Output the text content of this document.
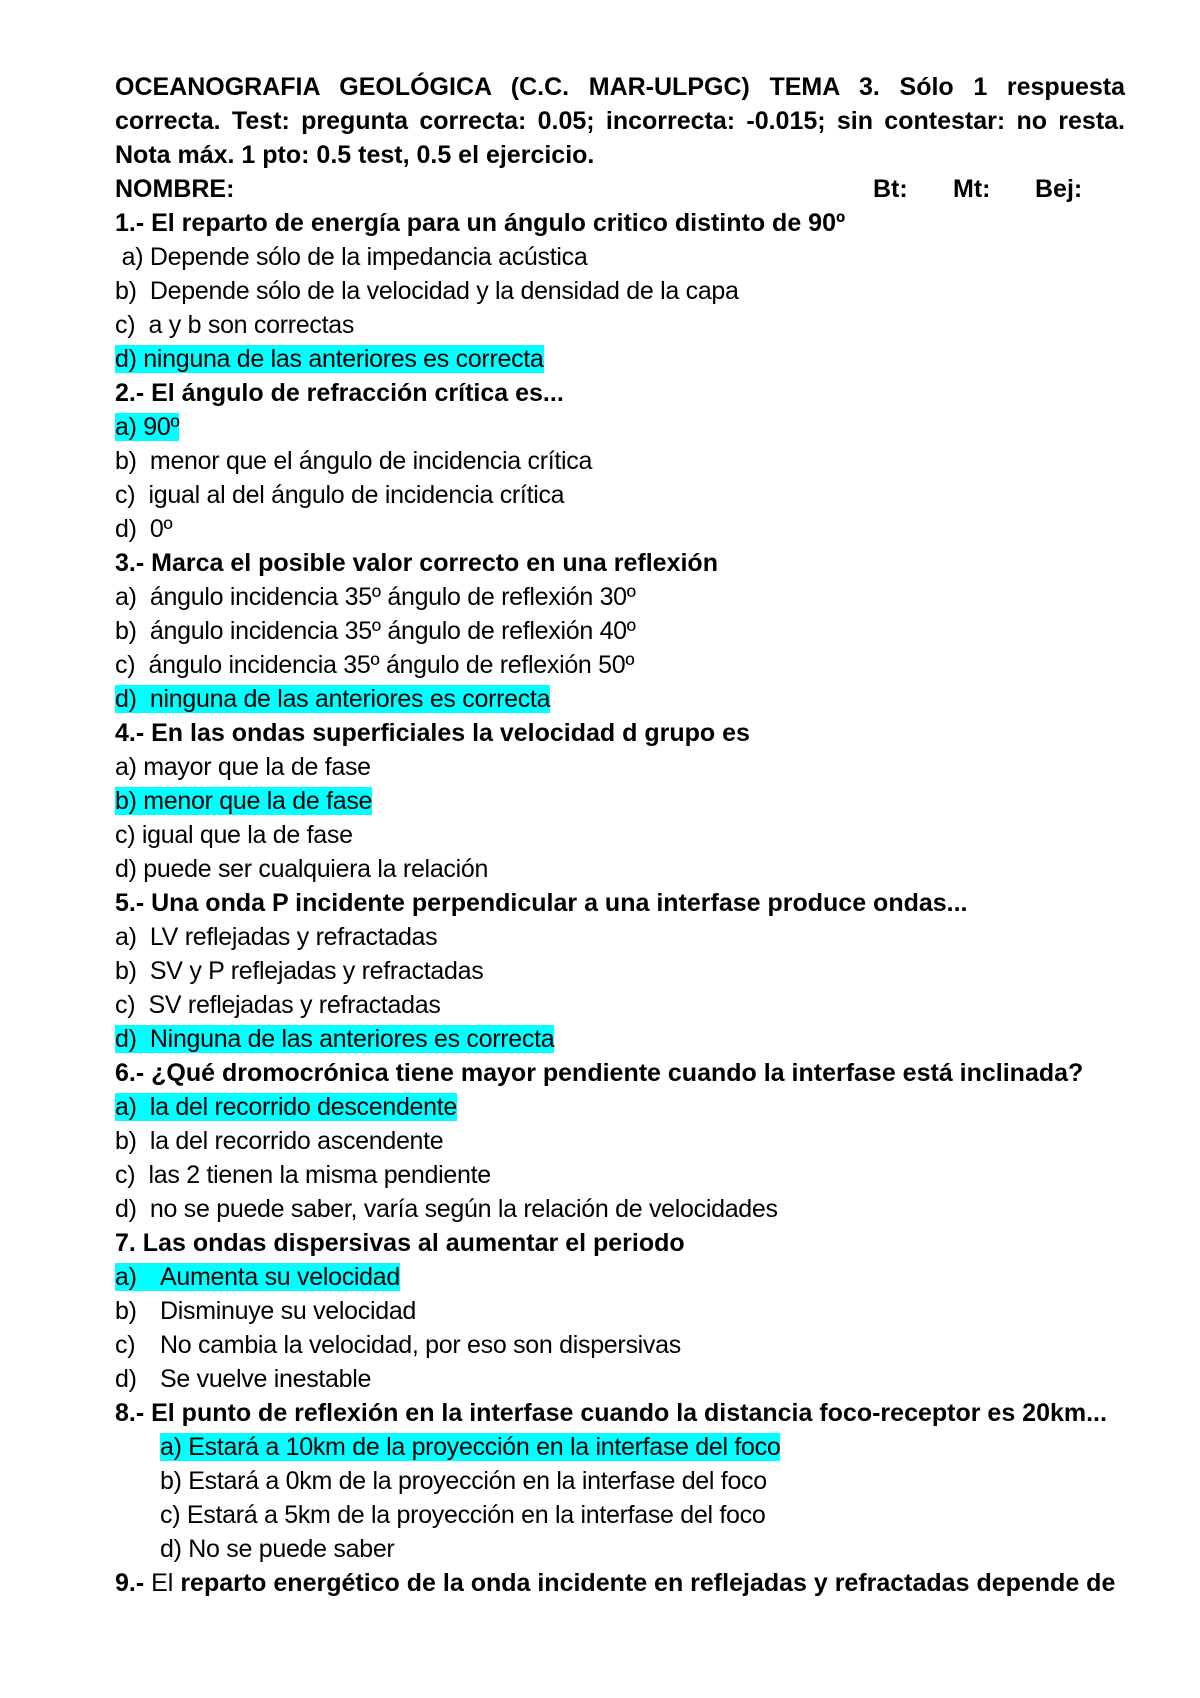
OCEANOGRAFIA GEOLÓGICA (C.C. MAR-ULPGC) TEMA 3. Sólo 1 respuesta correcta. Test: pregunta correcta: 0.05; incorrecta: -0.015; sin contestar: no resta. Nota máx. 1 pto: 0.5 test, 0.5 el ejercicio.
NOMBRE:	Bt: Mt: Bej:
1.- El reparto de energía para un ángulo critico distinto de 90º
a) Depende sólo de la impedancia acústica
b)  Depende sólo de la velocidad y la densidad de la capa
c)  a y b son correctas
d) ninguna de las anteriores es correcta
2.- El ángulo de refracción crítica es...
a) 90º
b)  menor que el ángulo de incidencia crítica
c)  igual al del ángulo de incidencia crítica
d)  0º
3.- Marca el posible valor correcto en una reflexión
a)  ángulo incidencia 35º ángulo de reflexión 30º
b)  ángulo incidencia 35º ángulo de reflexión 40º
c)  ángulo incidencia 35º ángulo de reflexión 50º
d)  ninguna de las anteriores es correcta
4.- En las ondas superficiales la velocidad d grupo es
a) mayor que la de fase
b) menor que la de fase
c) igual que la de fase
d) puede ser cualquiera la relación
5.- Una onda P incidente perpendicular a una interfase produce ondas...
a)  LV reflejadas y refractadas
b)  SV y P reflejadas y refractadas
c)  SV reflejadas y refractadas
d)  Ninguna de las anteriores es correcta
6.- ¿Qué dromocrónica tiene mayor pendiente cuando la interfase está inclinada?
a)  la del recorrido descendente
b)  la del recorrido ascendente
c)  las 2 tienen la misma pendiente
d)  no se puede saber, varía según la relación de velocidades
7. Las ondas dispersivas al aumentar el periodo
a) Aumenta su velocidad
b) Disminuye su velocidad
c) No cambia la velocidad, por eso son dispersivas
d) Se vuelve inestable
8.- El punto de reflexión en la interfase cuando la distancia foco-receptor es 20km...
a) Estará a 10km de la proyección en la interfase del foco
b) Estará a 0km de la proyección en la interfase del foco
c) Estará a 5km de la proyección en la interfase del foco
d) No se puede saber
9.- El reparto energético de la onda incidente en reflejadas y refractadas depende de
